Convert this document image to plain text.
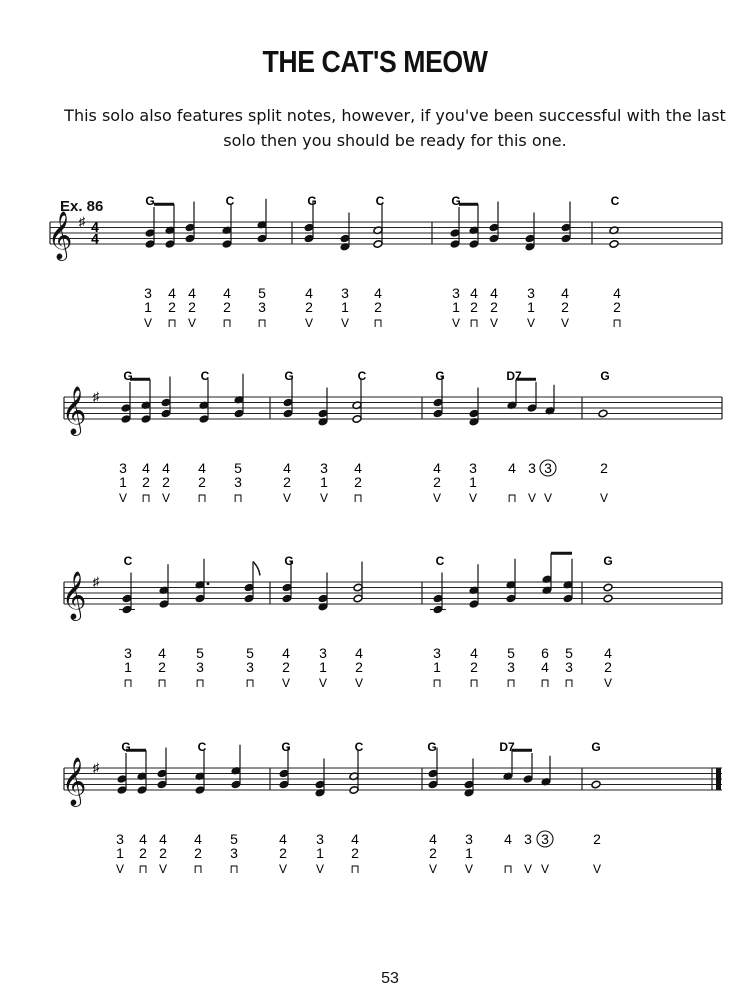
THE CAT'S MEOW
This solo also features split notes, however, if you've been successful with the last
solo then you should be ready for this one.
Ex. 86
𝄞 ♯ 4
4
G	C	G	C	G	C
3 4 4 4 5	4 3 4	3 4 4 3 4	4
1 2 2 2 3	2 1 2	1 2 2 1 2	2
V ⊓ V ⊓ ⊓	V V ⊓	V ⊓ V V V	⊓
𝄞 ♯
G	C	G	C	G	D7	G
3 4 4 4 5	4 3 4	4 3 4 3 3	2
1 2 2 2 3	2 1 2	2 1
V ⊓ V ⊓ ⊓	V V ⊓	V V	⊓ V V	V
𝄞 ♯
C	G	C	G
3 4 5	5 4 3 4	3 4 5 6 5 4
1 2 3	3 2 1 2	1 2 3 4 3 2
⊓ ⊓ ⊓	⊓ V V V	⊓ ⊓ ⊓ ⊓ ⊓	V
𝄞 ♯
G	C	G	C	G	D7	G
3 4 4 4 5	4 3 4	4 3 4 3 3	2
1 2 2 2 3	2 1 2	2 1
V ⊓ V ⊓ ⊓	V V ⊓	V V	⊓ V V	V
53
